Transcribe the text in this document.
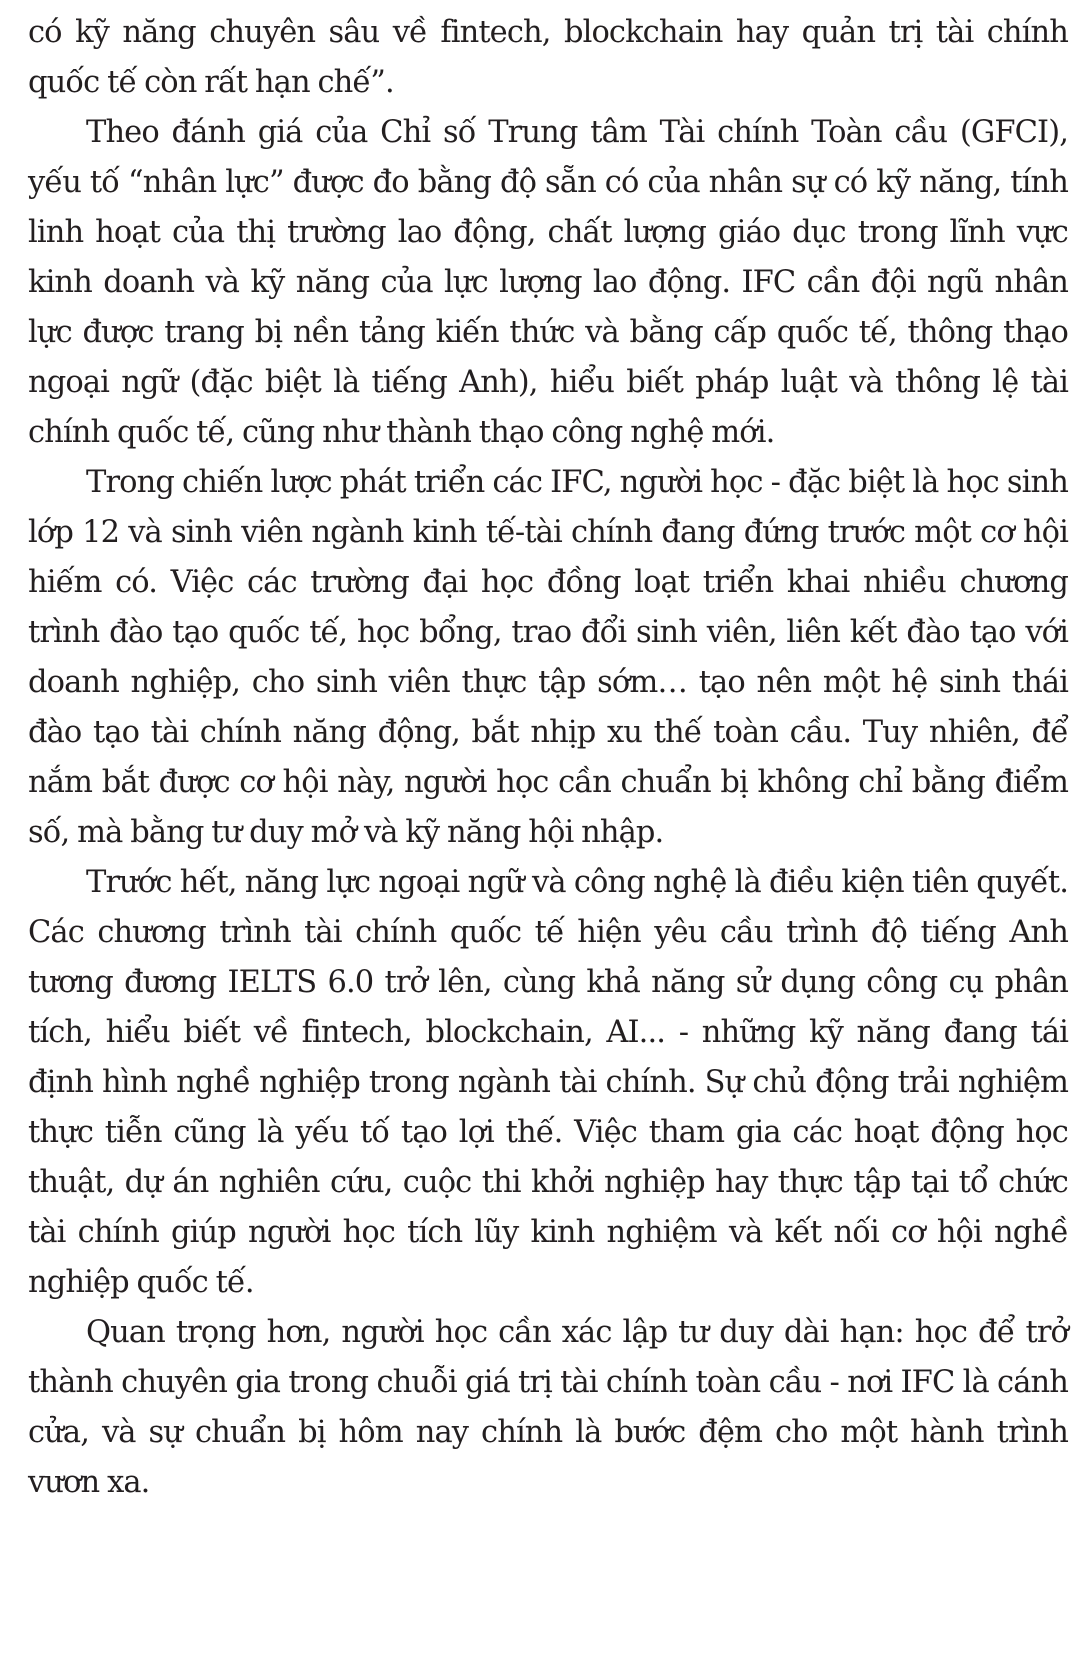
có kỹ năng chuyên sâu về fintech, blockchain hay quản trị tài chính quốc tế còn rất hạn chế”.

Theo đánh giá của Chỉ số Trung tâm Tài chính Toàn cầu (GFCI), yếu tố “nhân lực” được đo bằng độ sẵn có của nhân sự có kỹ năng, tính linh hoạt của thị trường lao động, chất lượng giáo dục trong lĩnh vực kinh doanh và kỹ năng của lực lượng lao động. IFC cần đội ngũ nhân lực được trang bị nền tảng kiến thức và bằng cấp quốc tế, thông thạo ngoại ngữ (đặc biệt là tiếng Anh), hiểu biết pháp luật và thông lệ tài chính quốc tế, cũng như thành thạo công nghệ mới.

Trong chiến lược phát triển các IFC, người học - đặc biệt là học sinh lớp 12 và sinh viên ngành kinh tế-tài chính đang đứng trước một cơ hội hiếm có. Việc các trường đại học đồng loạt triển khai nhiều chương trình đào tạo quốc tế, học bổng, trao đổi sinh viên, liên kết đào tạo với doanh nghiệp, cho sinh viên thực tập sớm… tạo nên một hệ sinh thái đào tạo tài chính năng động, bắt nhịp xu thế toàn cầu. Tuy nhiên, để nắm bắt được cơ hội này, người học cần chuẩn bị không chỉ bằng điểm số, mà bằng tư duy mở và kỹ năng hội nhập.

Trước hết, năng lực ngoại ngữ và công nghệ là điều kiện tiên quyết. Các chương trình tài chính quốc tế hiện yêu cầu trình độ tiếng Anh tương đương IELTS 6.0 trở lên, cùng khả năng sử dụng công cụ phân tích, hiểu biết về fintech, blockchain, AI... - những kỹ năng đang tái định hình nghề nghiệp trong ngành tài chính. Sự chủ động trải nghiệm thực tiễn cũng là yếu tố tạo lợi thế. Việc tham gia các hoạt động học thuật, dự án nghiên cứu, cuộc thi khởi nghiệp hay thực tập tại tổ chức tài chính giúp người học tích lũy kinh nghiệm và kết nối cơ hội nghề nghiệp quốc tế.

Quan trọng hơn, người học cần xác lập tư duy dài hạn: học để trở thành chuyên gia trong chuỗi giá trị tài chính toàn cầu - nơi IFC là cánh cửa, và sự chuẩn bị hôm nay chính là bước đệm cho một hành trình vươn xa.
